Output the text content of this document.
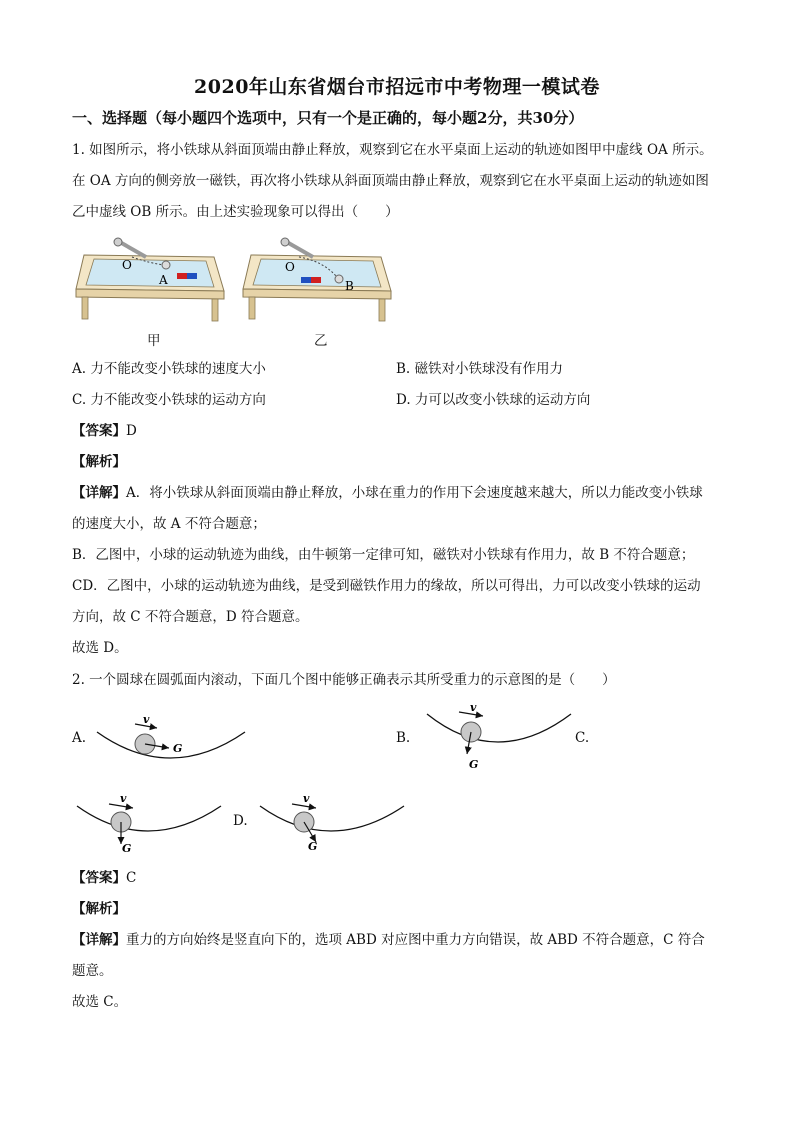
2020年山东省烟台市招远市中考物理一模试卷
一、选择题（每小题四个选项中，只有一个是正确的，每小题2分，共30分）
1. 如图所示，将小铁球从斜面顶端由静止释放，观察到它在水平桌面上运动的轨迹如图甲中虚线 OA 所示。
在 OA 方向的侧旁放一磁铁，再次将小铁球从斜面顶端由静止释放，观察到它在水平桌面上运动的轨迹如图
乙中虚线 OB 所示。由上述实验现象可以得出（　　）
O
A
甲
O
B
乙
A. 力不能改变小铁球的速度大小	B. 磁铁对小铁球没有作用力
C. 力不能改变小铁球的运动方向	D. 力可以改变小铁球的运动方向
【答案】D
【解析】
【详解】A．将小铁球从斜面顶端由静止释放，小球在重力的作用下会速度越来越大，所以力能改变小铁球
的速度大小，故 A 不符合题意；
B．乙图中，小球的运动轨迹为曲线，由牛顿第一定律可知，磁铁对小铁球有作用力，故 B 不符合题意；
CD．乙图中，小球的运动轨迹为曲线，是受到磁铁作用力的缘故，所以可得出，力可以改变小铁球的运动
方向，故 C 不符合题意，D 符合题意。
故选 D。
2. 一个圆球在圆弧面内滚动，下面几个图中能够正确表示其所受重力的示意图的是（　　）
A.
v
G
B.
v
G
C.
v
G
D.
v
G
【答案】C
【解析】
【详解】重力的方向始终是竖直向下的，选项 ABD 对应图中重力方向错误，故 ABD 不符合题意，C 符合
题意。
故选 C。
